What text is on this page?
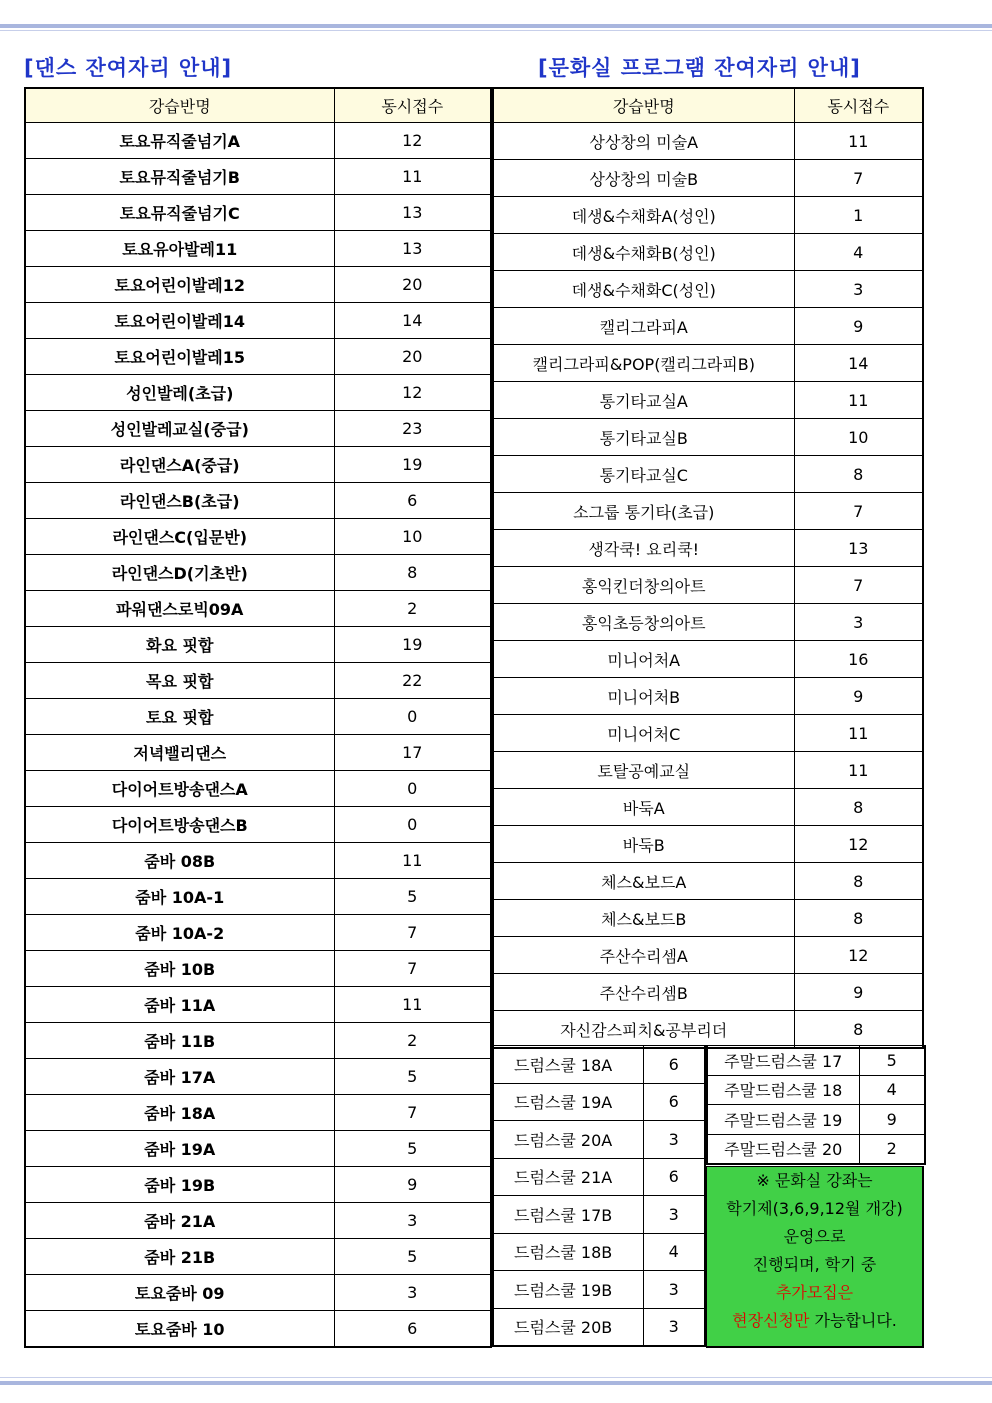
[댄스 잔여자리 안내]	[문화실 프로그램 잔여자리 안내]
강습반명	동시접수
토요뮤직줄넘기A	12
토요뮤직줄넘기B	11
토요뮤직줄넘기C	13
토요유아발레11	13
토요어린이발레12	20
토요어린이발레14	14
토요어린이발레15	20
성인발레(초급)	12
성인발레교실(중급)	23
라인댄스A(중급)	19
라인댄스B(초급)	6
라인댄스C(입문반)	10
라인댄스D(기초반)	8
파워댄스로빅09A	2
화요 핏합	19
목요 핏합	22
토요 핏합	0
저녁밸리댄스	17
다이어트방송댄스A	0
다이어트방송댄스B	0
줌바 08B	11
줌바 10A-1	5
줌바 10A-2	7
줌바 10B	7
줌바 11A	11
줌바 11B	2
줌바 17A	5
줌바 18A	7
줌바 19A	5
줌바 19B	9
줌바 21A	3
줌바 21B	5
토요줌바 09	3
토요줌바 10	6
강습반명	동시접수
상상창의 미술A	11
상상창의 미술B	7
데생&수채화A(성인)	1
데생&수채화B(성인)	4
데생&수채화C(성인)	3
캘리그라피A	9
캘리그라피&POP(캘리그라피B)	14
통기타교실A	11
통기타교실B	10
통기타교실C	8
소그룹 통기타(초급)	7
생각쿡! 요리쿡!	13
홍익킨더창의아트	7
홍익초등창의아트	3
미니어처A	16
미니어처B	9
미니어처C	11
토탈공예교실	11
바둑A	8
바둑B	12
체스&보드A	8
체스&보드B	8
주산수리셈A	12
주산수리셈B	9
자신감스피치&공부리더	8
드럼스쿨 18A	6
드럼스쿨 19A	6
드럼스쿨 20A	3
드럼스쿨 21A	6
드럼스쿨 17B	3
드럼스쿨 18B	4
드럼스쿨 19B	3
드럼스쿨 20B	3
주말드럼스쿨 17	5
주말드럼스쿨 18	4
주말드럼스쿨 19	9
주말드럼스쿨 20	2
※ 문화실 강좌는
학기제(3,6,9,12월 개강)
운영으로
진행되며, 학기 중
추가모집은
현장신청만 가능합니다.
